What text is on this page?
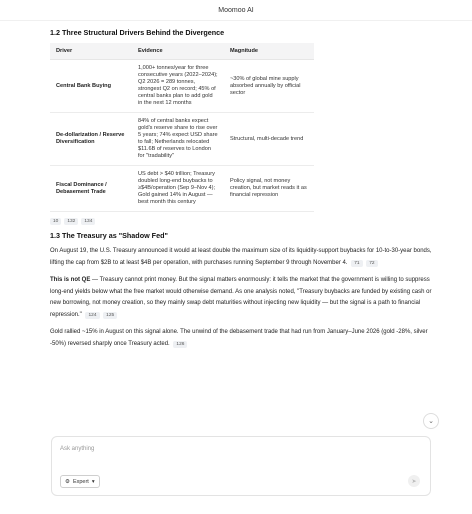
Moomoo AI
1.2 Three Structural Drivers Behind the Divergence
Driver	Evidence	Magnitude
Central Bank Buying	1,000+ tonnes/year for three consecutive years (2022–2024); Q2 2026 = 289 tonnes, strongest Q2 on record; 45% of central banks plan to add gold in the next 12 months	~30% of global mine supply absorbed annually by official sector
De-dollarization / Reserve Diversification	84% of central banks expect gold's reserve share to rise over 5 years; 74% expect USD share to fall; Netherlands relocated $11.6B of reserves to London for "tradability"	Structural, multi-decade trend
Fiscal Dominance / Debasement Trade	US debt > $40 trillion; Treasury doubled long-end buybacks to ≥$4B/operation (Sep 9–Nov 4); Gold gained 14% in August — best month this century	Policy signal, not money creation, but market reads it as financial repression
10	132	134
1.3 The Treasury as "Shadow Fed"

On August 19, the U.S. Treasury announced it would at least double the maximum size of its liquidity-support buybacks for 10-to-30-year bonds, lifting the cap from $2B to at least $4B per operation, with purchases running September 9 through November 4. 71 72

This is not QE — Treasury cannot print money. But the signal matters enormously: it tells the market that the government is willing to suppress long-end yields below what the free market would otherwise demand. As one analysis noted, "Treasury buybacks are funded by existing cash or new borrowing, not money creation, so they mainly swap debt maturities without injecting new liquidity — but the signal is a path to financial repression." 124 125

Gold rallied ~15% in August on this signal alone. The unwind of the debasement trade that had run from January–June 2026 (gold -28%, silver -50%) reversed sharply once Treasury acted. 126

⌄
Ask anything
⚙ Expert ▾	➤
